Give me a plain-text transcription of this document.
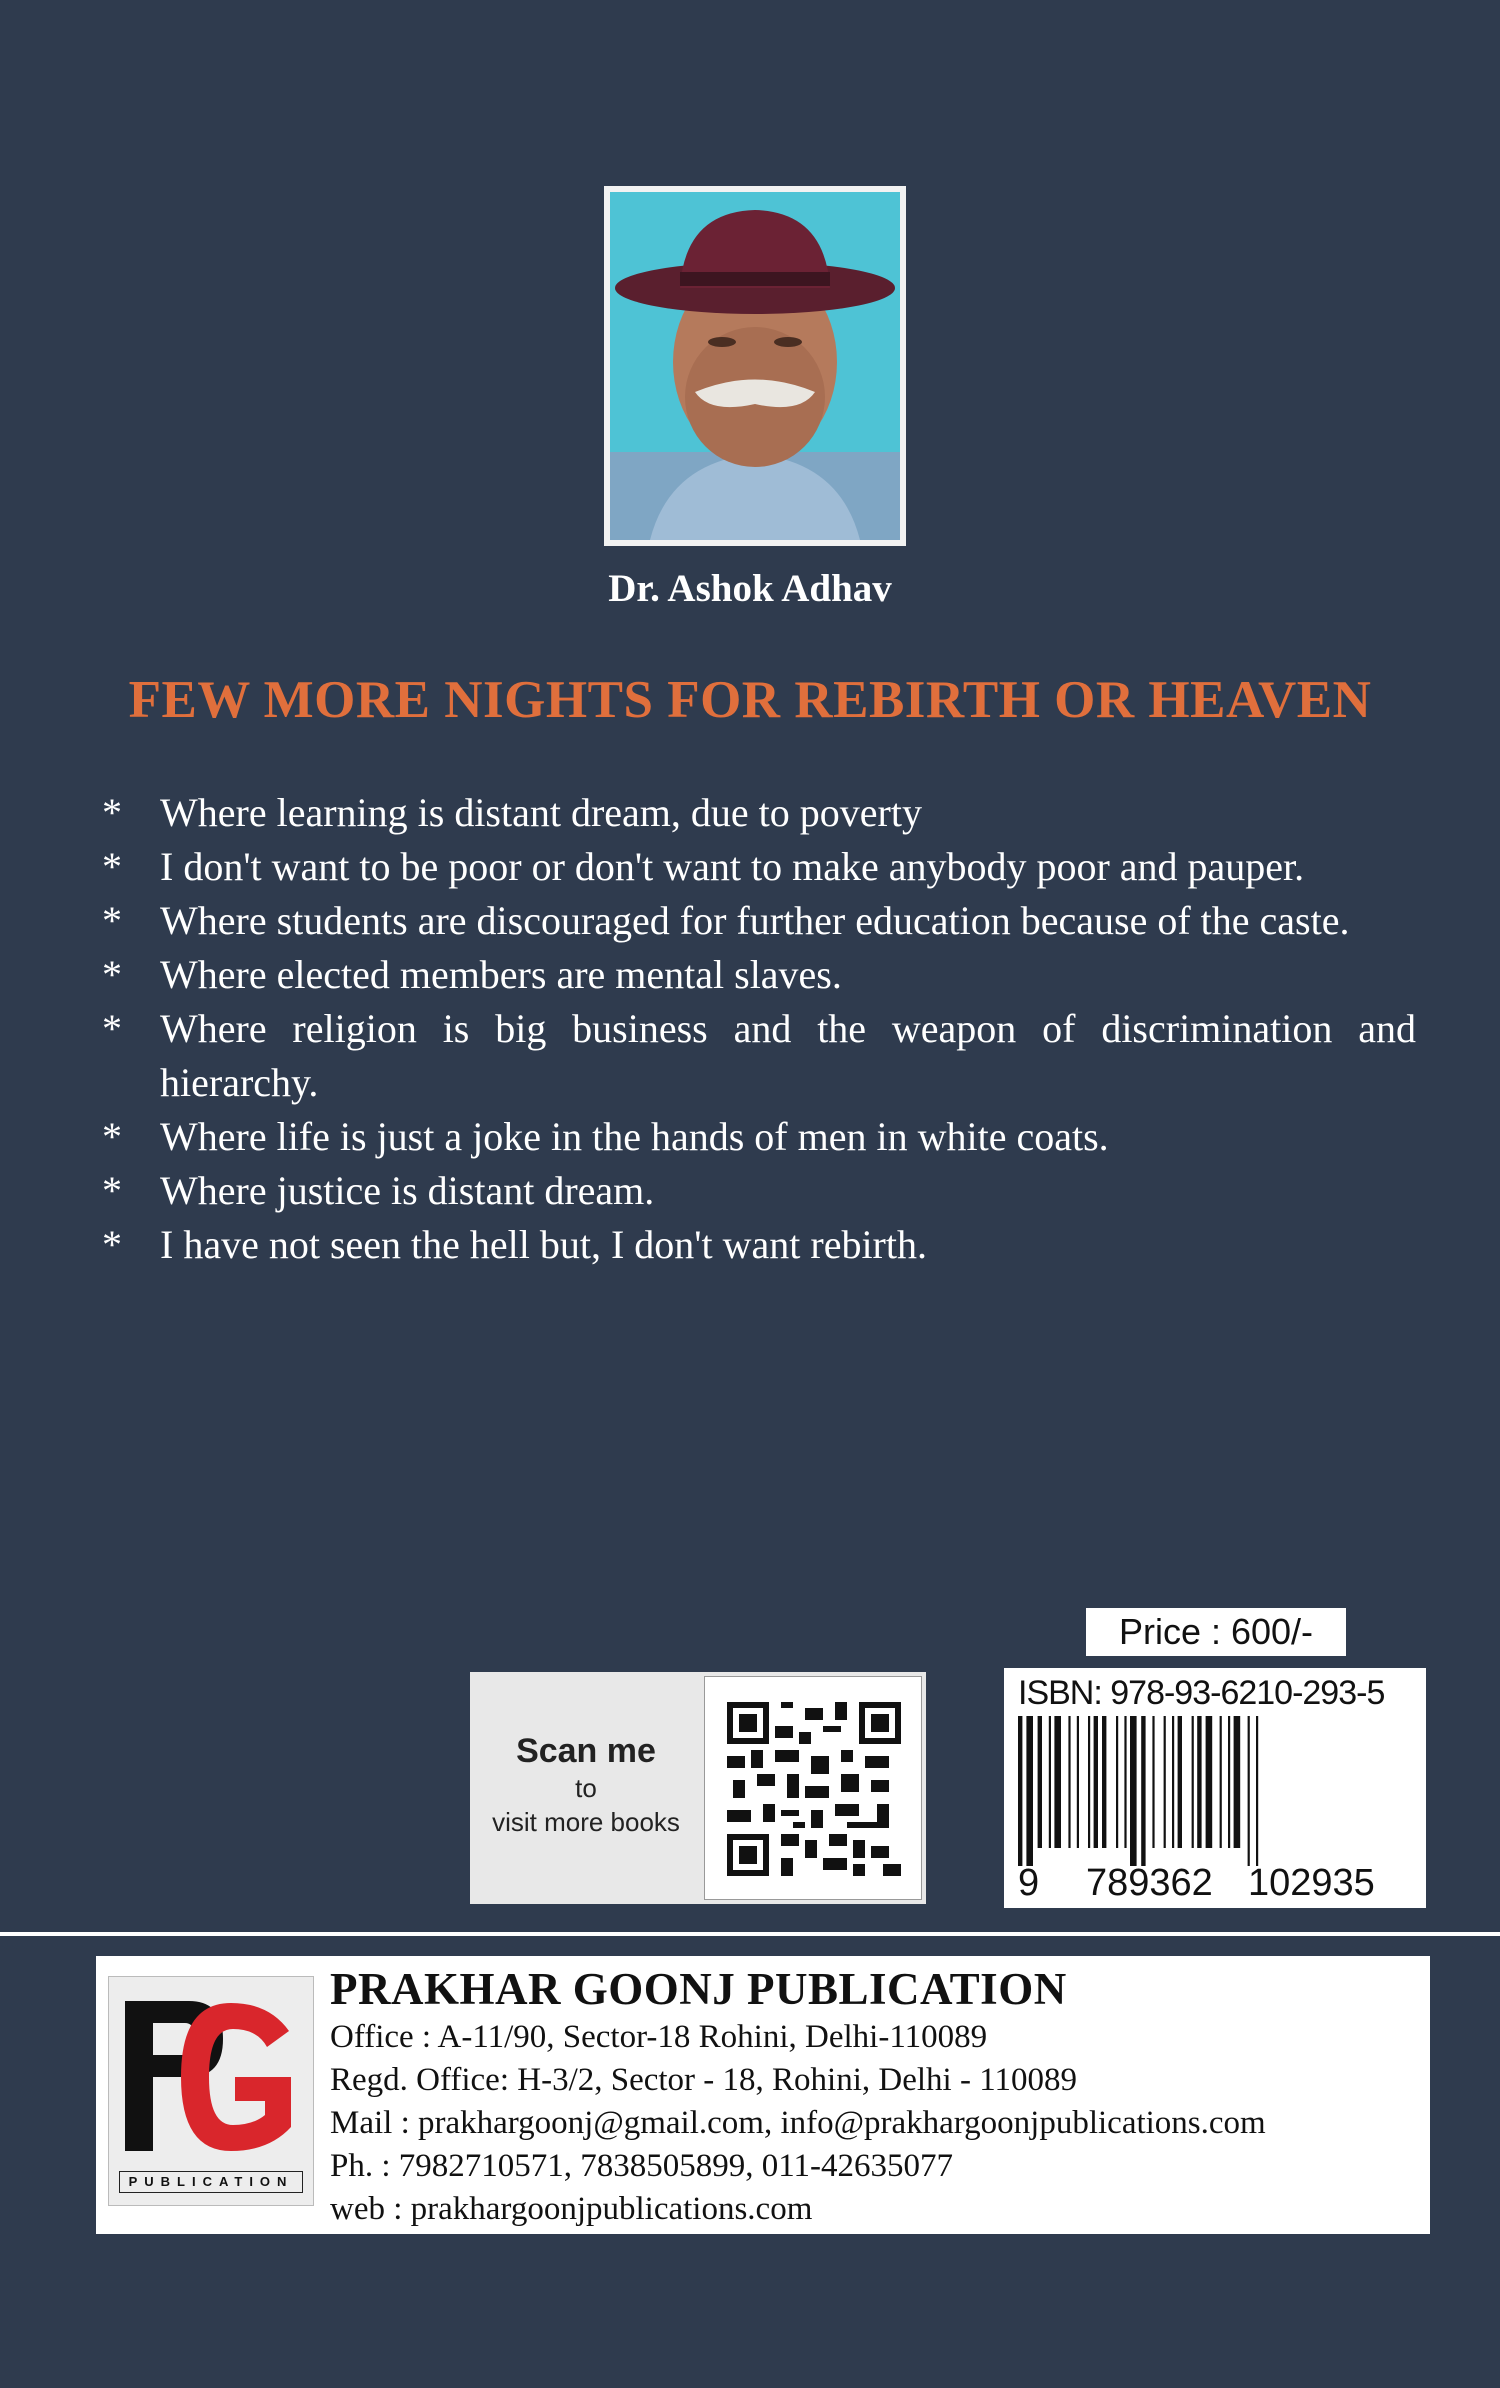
Dr. Ashok Adhav
FEW MORE NIGHTS FOR REBIRTH OR HEAVEN
* Where learning is distant dream, due to poverty
* I don't want to be poor or don't want to make anybody poor and pauper.
* Where students are discouraged for further education because of the caste.
* Where elected members are mental slaves.
* Where religion is big business and the weapon of discrimination and hierarchy.
* Where life is just a joke in the hands of men in white coats.
* Where justice is distant dream.
* I have not seen the hell but, I don't want rebirth.
Price : 600/-
Scan me
to
visit more books
ISBN: 978-93-6210-293-5
9 789362 102935
PUBLICATION
PRAKHAR GOONJ PUBLICATION
Office : A-11/90, Sector-18 Rohini, Delhi-110089
Regd. Office: H-3/2, Sector - 18, Rohini, Delhi - 110089
Mail : prakhargoonj@gmail.com, info@prakhargoonjpublications.com
Ph. : 7982710571, 7838505899, 011-42635077
web : prakhargoonjpublications.com
